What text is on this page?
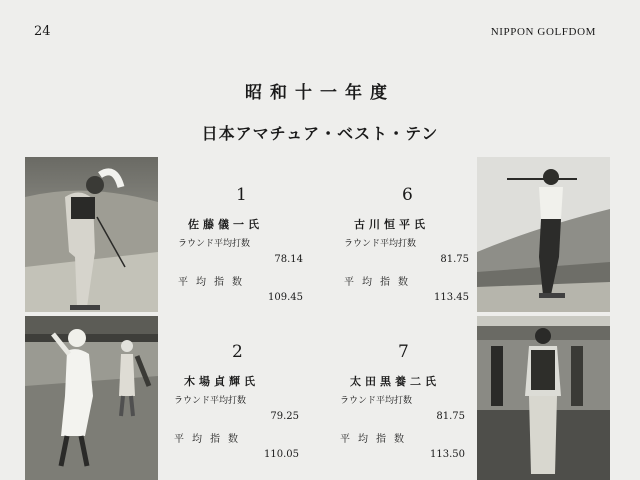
24	NIPPON GOLFDOM
昭和十一年度
日本アマチュア・ベスト・テン
1
佐藤儀一氏
ラウンド平均打数
78.14
平均指数
109.45
6
古川恒平氏
ラウンド平均打数
81.75
平均指数
113.45
2
木場貞輝氏
ラウンド平均打数
79.25
平均指数
110.05
7
太田黒養二氏
ラウンド平均打数
81.75
平均指数
113.50
